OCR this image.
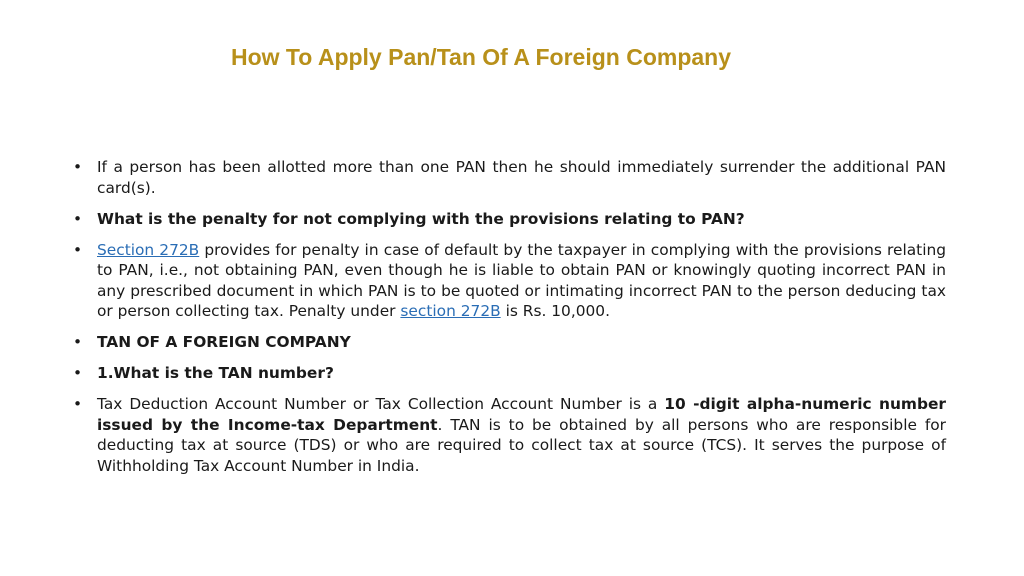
How To Apply Pan/Tan Of A Foreign Company
• If a person has been allotted more than one PAN then he should immediately surrender the additional PAN card(s).
• What is the penalty for not complying with the provisions relating to PAN?
• Section 272B provides for penalty in case of default by the taxpayer in complying with the provisions relating to PAN, i.e., not obtaining PAN, even though he is liable to obtain PAN or knowingly quoting incorrect PAN in any prescribed document in which PAN is to be quoted or intimating incorrect PAN to the person deducing tax or person collecting tax. Penalty under section 272B is Rs. 10,000.
• TAN OF A FOREIGN COMPANY
• 1.What is the TAN number?
• Tax Deduction Account Number or Tax Collection Account Number is a 10 -digit alpha-numeric number issued by the Income-tax Department. TAN is to be obtained by all persons who are responsible for deducting tax at source (TDS) or who are required to collect tax at source (TCS). It serves the purpose of Withholding Tax Account Number in India.
